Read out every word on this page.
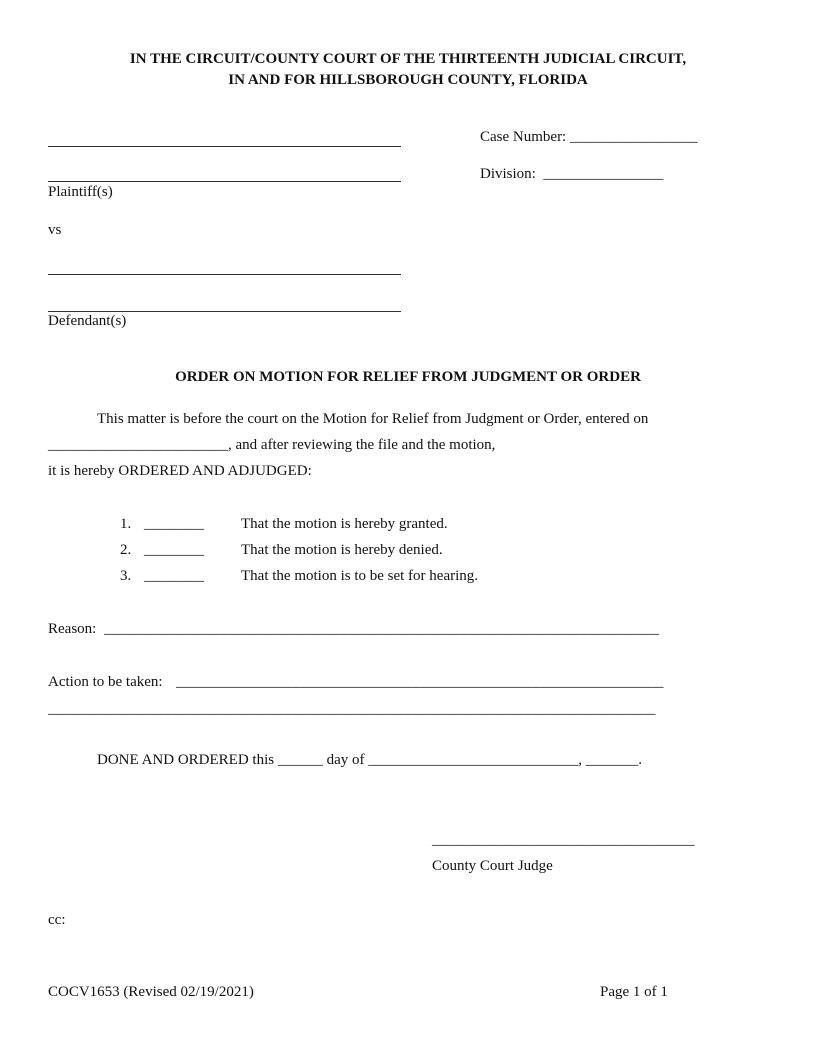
IN THE CIRCUIT/COUNTY COURT OF THE THIRTEENTH JUDICIAL CIRCUIT,
IN AND FOR HILLSBOROUGH COUNTY, FLORIDA
Plaintiff(s)
vs
Defendant(s)
Case Number: _________________
Division: ________________
ORDER ON MOTION FOR RELIEF FROM JUDGMENT OR ORDER
This matter is before the court on the Motion for Relief from Judgment or Order, entered on
________________________, and after reviewing the file and the motion,
it is hereby ORDERED AND ADJUDGED:
1. ________ That the motion is hereby granted.
2. ________ That the motion is hereby denied.
3. ________ That the motion is to be set for hearing.
Reason: __________________________________________________________________________
Action to be taken: _________________________________________________________________
_________________________________________________________________________________
DONE AND ORDERED this ______ day of ____________________________, _______.
___________________________________
County Court Judge
cc:
COCV1653 (Revised 02/19/2021)	Page 1 of 1
